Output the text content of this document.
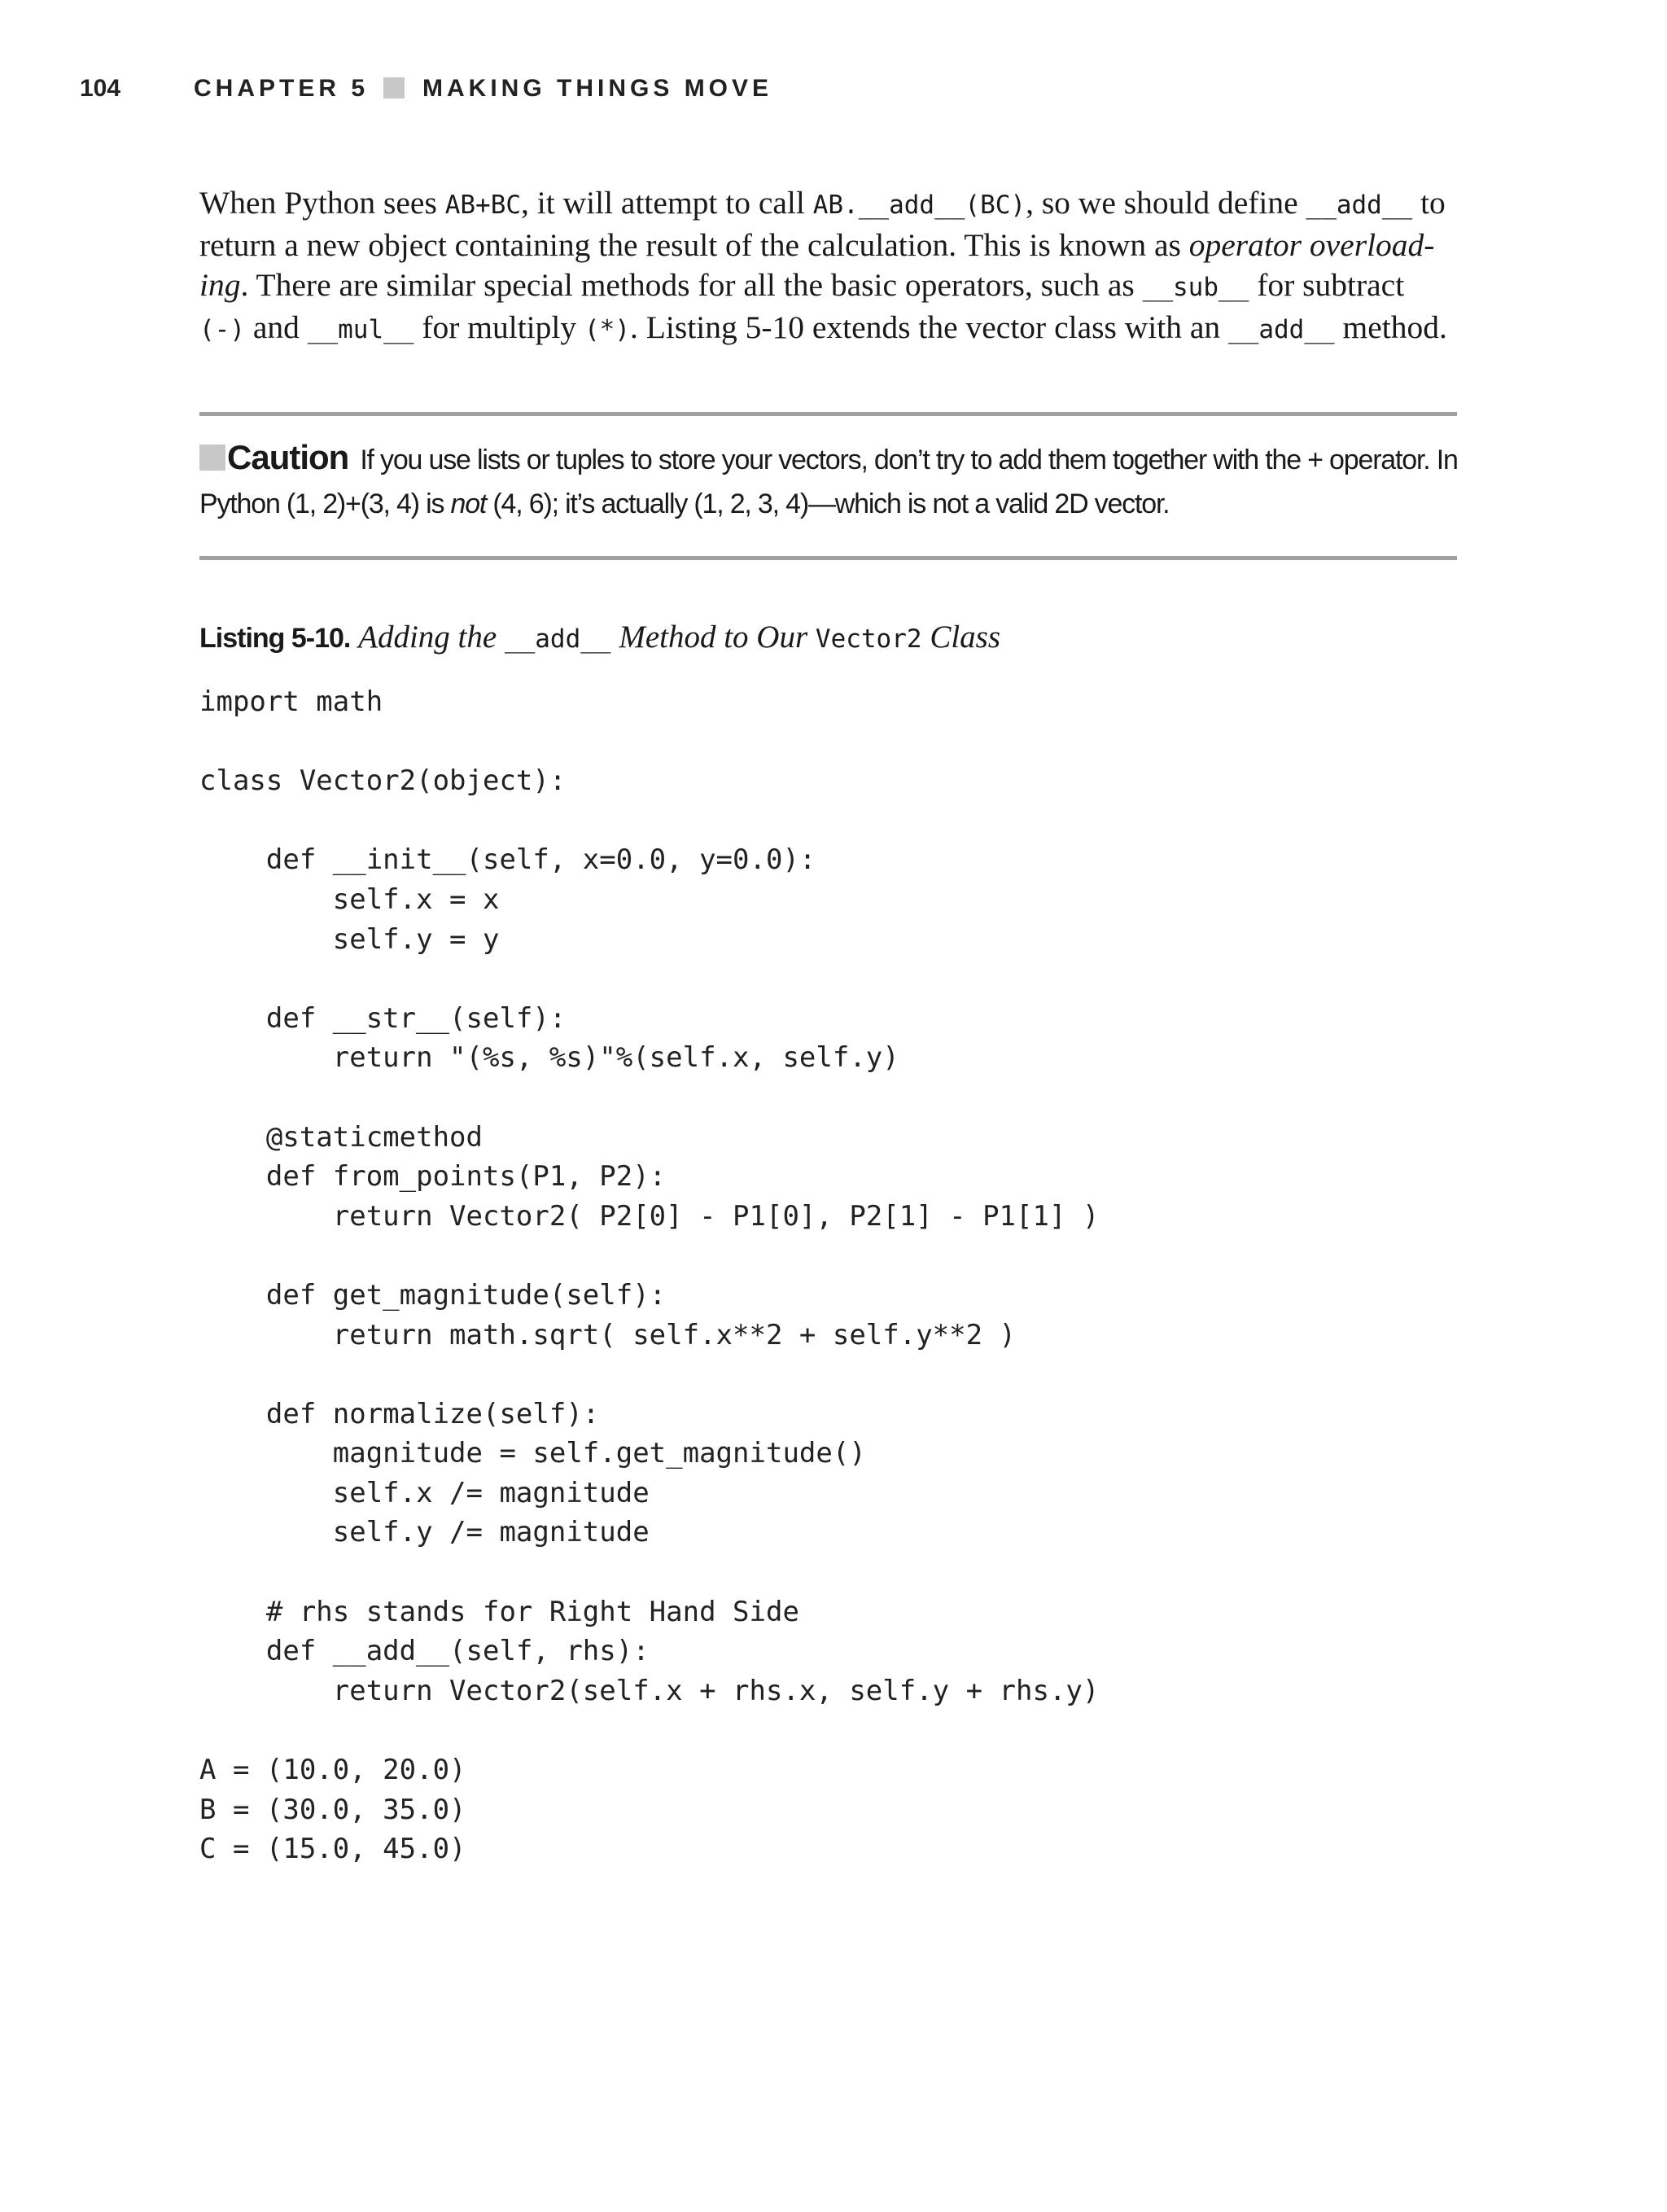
104	CHAPTER 5 MAKING THINGS MOVE

When Python sees AB+BC, it will attempt to call AB.__add__(BC), so we should define __add__ to return a new object containing the result of the calculation. This is known as operator overload-ing. There are similar special methods for all the basic operators, such as __sub__ for subtract (-) and __mul__ for multiply (*). Listing 5-10 extends the vector class with an __add__ method.

Caution If you use lists or tuples to store your vectors, don’t try to add them together with the + operator. In Python (1, 2)+(3, 4) is not (4, 6); it’s actually (1, 2, 3, 4)—which is not a valid 2D vector.

Listing 5-10. Adding the __add__ Method to Our Vector2 Class

import math
class Vector2(object):
def __init__(self, x=0.0, y=0.0):
self.x = x
self.y = y
def __str__(self):
return "(%s, %s)"%(self.x, self.y)
@staticmethod
def from_points(P1, P2):
return Vector2( P2[0] - P1[0], P2[1] - P1[1] )
def get_magnitude(self):
return math.sqrt( self.x**2 + self.y**2 )
def normalize(self):
magnitude = self.get_magnitude()
self.x /= magnitude
self.y /= magnitude
# rhs stands for Right Hand Side
def __add__(self, rhs):
return Vector2(self.x + rhs.x, self.y + rhs.y)
A = (10.0, 20.0)
B = (30.0, 35.0)
C = (15.0, 45.0)
